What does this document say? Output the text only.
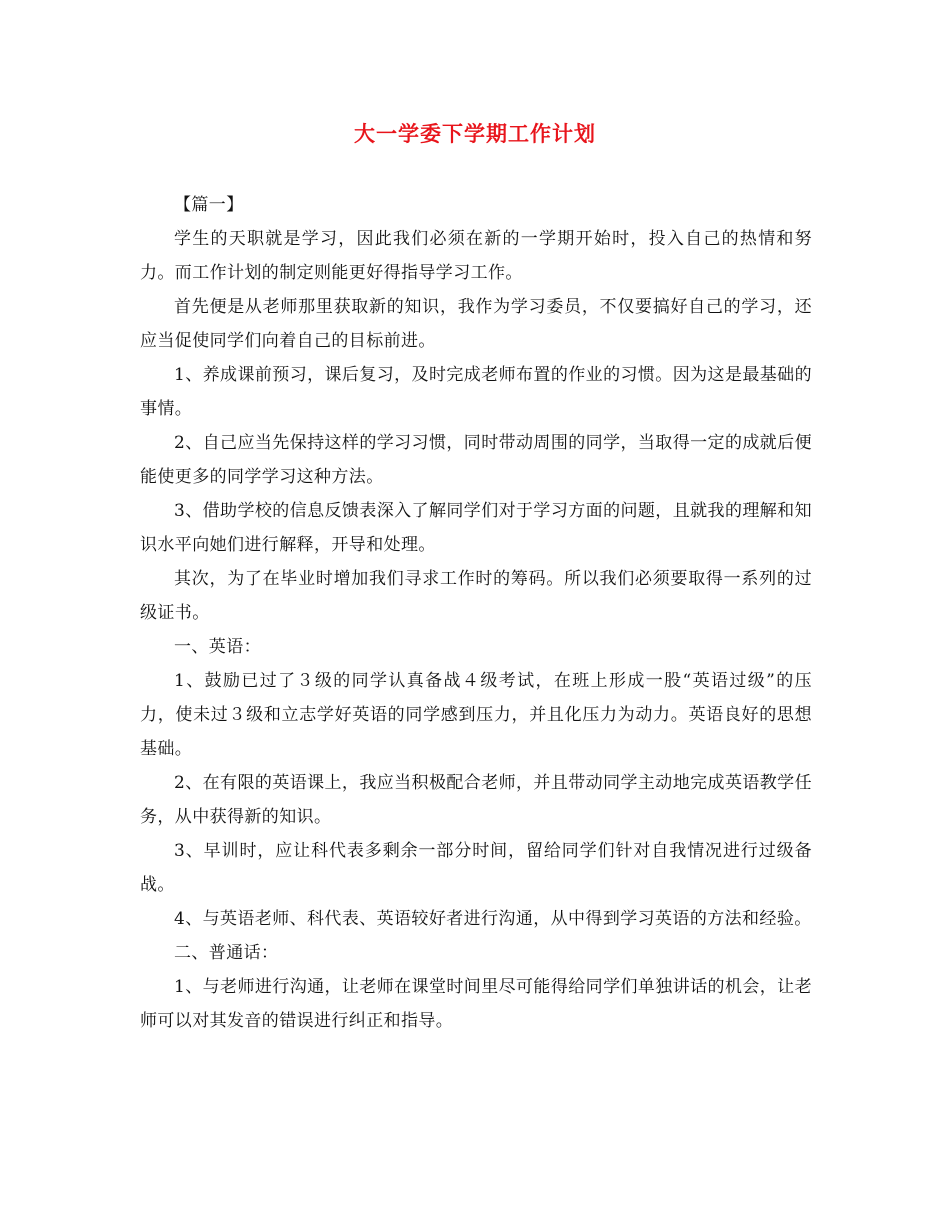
大一学委下学期工作计划

【篇一】

学生的天职就是学习，因此我们必须在新的一学期开始时，投入自己的热情和努力。而工作计划的制定则能更好得指导学习工作。

首先便是从老师那里获取新的知识，我作为学习委员，不仅要搞好自己的学习，还应当促使同学们向着自己的目标前进。

1、养成课前预习，课后复习，及时完成老师布置的作业的习惯。因为这是最基础的事情。

2、自己应当先保持这样的学习习惯，同时带动周围的同学，当取得一定的成就后便能使更多的同学学习这种方法。

3、借助学校的信息反馈表深入了解同学们对于学习方面的问题，且就我的理解和知识水平向她们进行解释，开导和处理。

其次，为了在毕业时增加我们寻求工作时的筹码。所以我们必须要取得一系列的过级证书。

一、英语：

1、鼓励已过了３级的同学认真备战４级考试，在班上形成一股“英语过级”的压力，使未过３级和立志学好英语的同学感到压力，并且化压力为动力。英语良好的思想基础。

2、在有限的英语课上，我应当积极配合老师，并且带动同学主动地完成英语教学任务，从中获得新的知识。

3、早训时，应让科代表多剩余一部分时间，留给同学们针对自我情况进行过级备战。

4、与英语老师、科代表、英语较好者进行沟通，从中得到学习英语的方法和经验。

二、普通话：

1、与老师进行沟通，让老师在课堂时间里尽可能得给同学们单独讲话的机会，让老师可以对其发音的错误进行纠正和指导。
